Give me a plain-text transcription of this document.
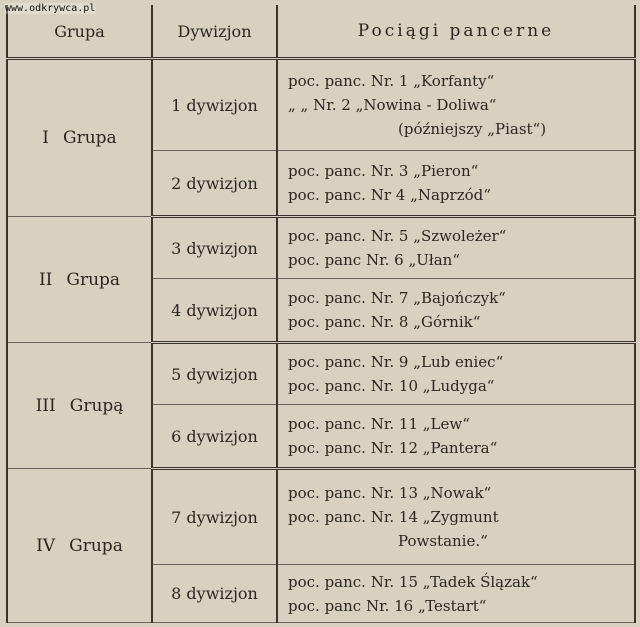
www.odkrywca.pl
Grupa	Dywizjon	Pociągi pancerne
I Grupa	1 dywizjon	poc. panc. Nr. 1 „Korfanty“
„ „ Nr. 2 „Nowina - Doliwa“
(późniejszy „Piast“)

	2 dywizjon	poc. panc. Nr. 3 „Pieron“
poc. panc. Nr 4 „Naprzód“

II Grupa	3 dywizjon	poc. panc. Nr. 5 „Szwoleżer“
poc. panc Nr. 6 „Ułan“

	4 dywizjon	poc. panc. Nr. 7 „Bajończyk“
poc. panc. Nr. 8 „Górnik“

III Grupą	5 dywizjon	poc. panc. Nr. 9 „Lub eniec“
poc. panc. Nr. 10 „Ludyga“

	6 dywizjon	poc. panc. Nr. 11 „Lew“
poc. panc. Nr. 12 „Pantera“

IV Grupa	7 dywizjon	poc. panc. Nr. 13 „Nowak“
poc. panc. Nr. 14 „Zygmunt
Powstanie.“

	8 dywizjon	poc. panc. Nr. 15 „Tadek Ślązak“
poc. panc Nr. 16 „Testart“
